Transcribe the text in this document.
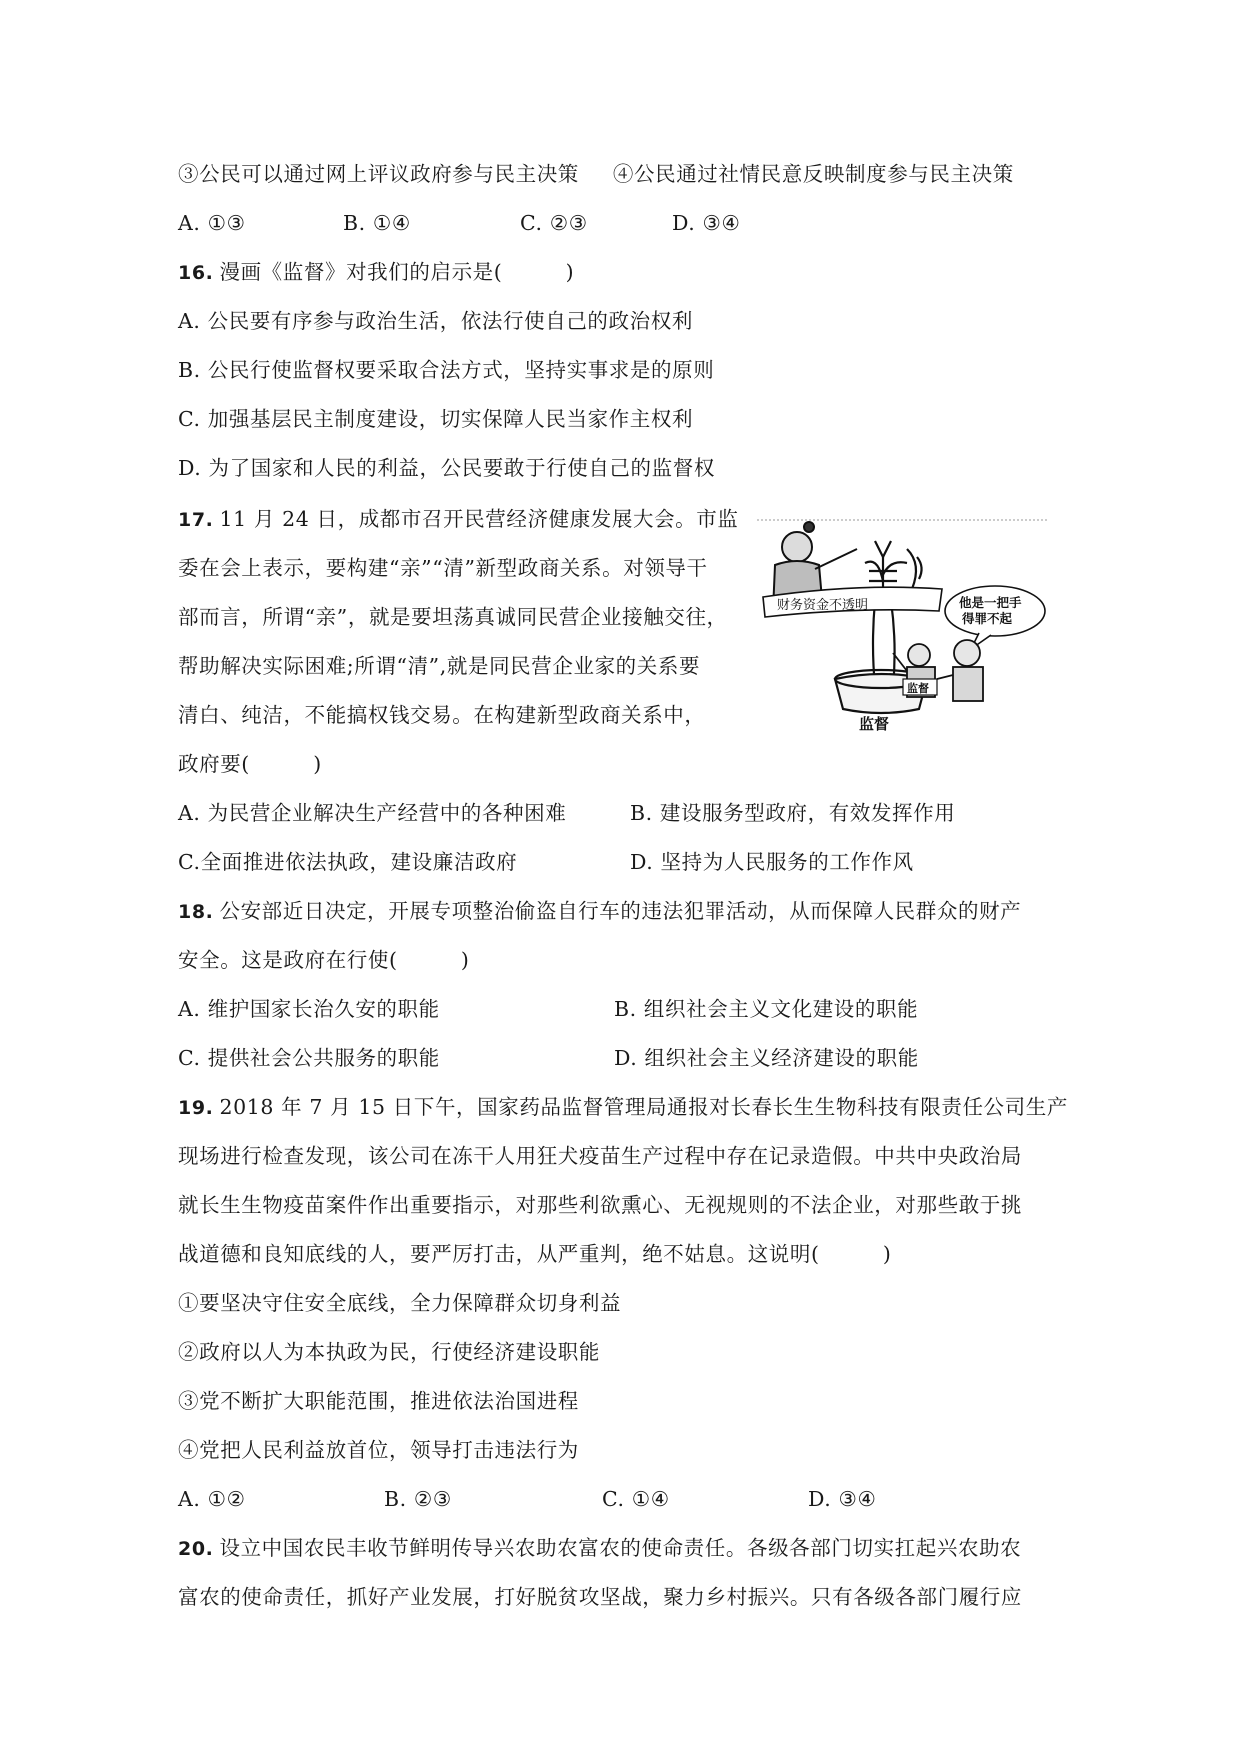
③公民可以通过网上评议政府参与民主决策 ④公民通过社情民意反映制度参与民主决策
A. ①③	B. ①④	C. ②③	D. ③④
16. 漫画《监督》对我们的启示是(　　　)
A. 公民要有序参与政治生活，依法行使自己的政治权利
B. 公民行使监督权要采取合法方式，坚持实事求是的原则
C. 加强基层民主制度建设，切实保障人民当家作主权利
D. 为了国家和人民的利益，公民要敢于行使自己的监督权
17. 11 月 24 日，成都市召开民营经济健康发展大会。市监
委在会上表示，要构建“亲”“清”新型政商关系。对领导干
部而言，所谓“亲”，就是要坦荡真诚同民营企业接触交往，
帮助解决实际困难;所谓“清”,就是同民营企业家的关系要
清白、纯洁，不能搞权钱交易。在构建新型政商关系中，
政府要(　　　)
财务资金不透明	他是一把手
得罪不起
监督
监督
A. 为民营企业解决生产经营中的各种困难	B. 建设服务型政府，有效发挥作用
C.全面推进依法执政，建设廉洁政府	D. 坚持为人民服务的工作作风
18. 公安部近日决定，开展专项整治偷盗自行车的违法犯罪活动，从而保障人民群众的财产
安全。这是政府在行使(　　　)
A. 维护国家长治久安的职能	B. 组织社会主义文化建设的职能
C. 提供社会公共服务的职能	D. 组织社会主义经济建设的职能
19. 2018 年 7 月 15 日下午，国家药品监督管理局通报对长春长生生物科技有限责任公司生产
现场进行检查发现，该公司在冻干人用狂犬疫苗生产过程中存在记录造假。中共中央政治局
就长生生物疫苗案件作出重要指示，对那些利欲熏心、无视规则的不法企业，对那些敢于挑
战道德和良知底线的人，要严厉打击，从严重判，绝不姑息。这说明(　　　)
①要坚决守住安全底线，全力保障群众切身利益
②政府以人为本执政为民，行使经济建设职能
③党不断扩大职能范围，推进依法治国进程
④党把人民利益放首位，领导打击违法行为
A. ①②	B. ②③	C. ①④	D. ③④
20. 设立中国农民丰收节鲜明传导兴农助农富农的使命责任。各级各部门切实扛起兴农助农
富农的使命责任，抓好产业发展，打好脱贫攻坚战，聚力乡村振兴。只有各级各部门履行应
